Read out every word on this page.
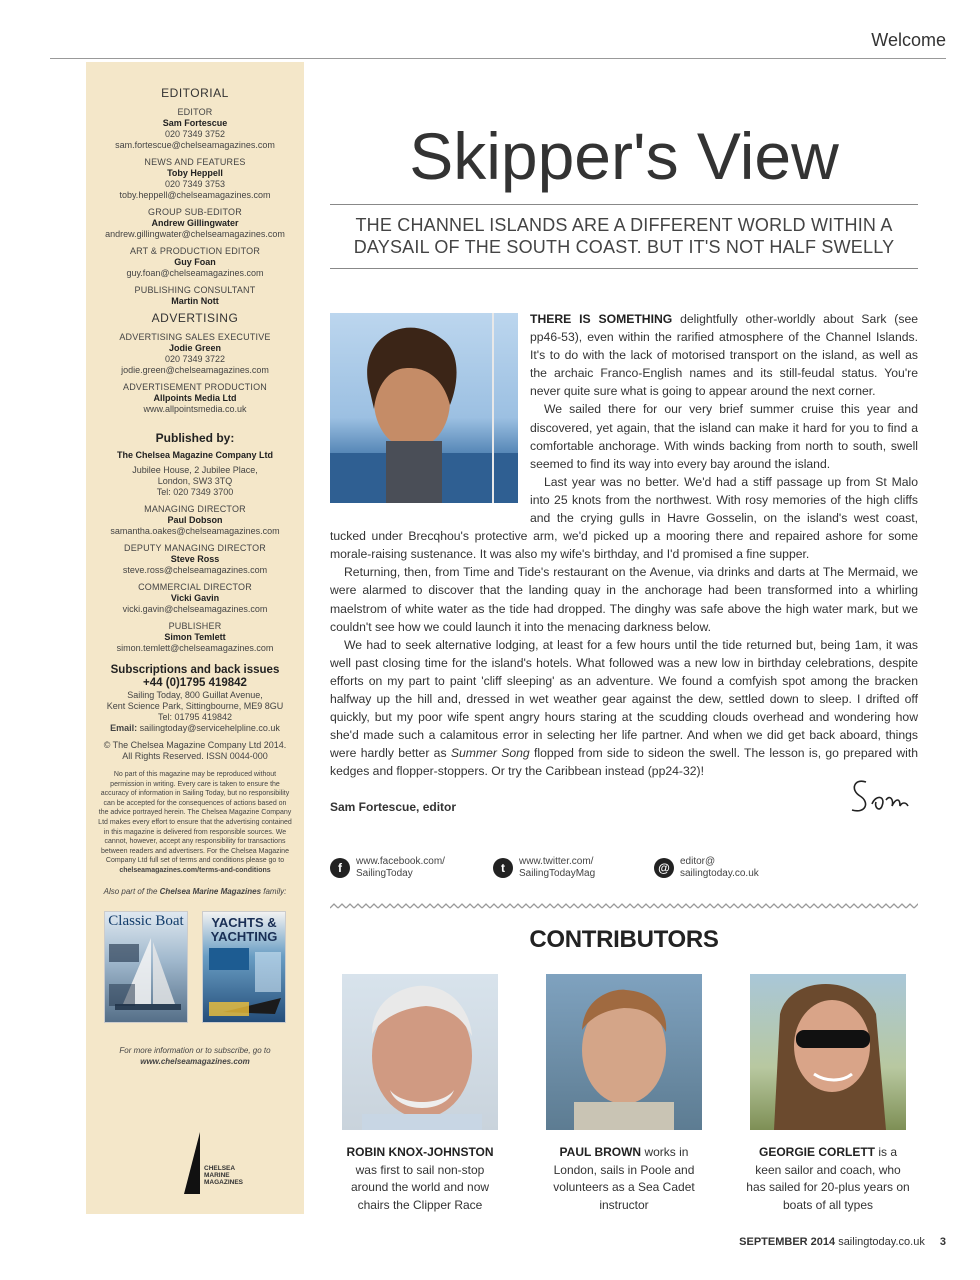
Welcome
EDITORIAL
EDITOR
Sam Fortescue
020 7349 3752
sam.fortescue@chelseamagazines.com
NEWS AND FEATURES
Toby Heppell
020 7349 3753
toby.heppell@chelseamagazines.com
GROUP SUB-EDITOR
Andrew Gillingwater
andrew.gillingwater@chelseamagazines.com
ART & PRODUCTION EDITOR
Guy Foan
guy.foan@chelseamagazines.com
PUBLISHING CONSULTANT
Martin Nott
ADVERTISING
ADVERTISING SALES EXECUTIVE
Jodie Green
020 7349 3722
jodie.green@chelseamagazines.com
ADVERTISEMENT PRODUCTION
Allpoints Media Ltd
www.allpointsmedia.co.uk
Published by:
The Chelsea Magazine Company Ltd
Jubilee House, 2 Jubilee Place,
London, SW3 3TQ
Tel: 020 7349 3700
MANAGING DIRECTOR
Paul Dobson
samantha.oakes@chelseamagazines.com
DEPUTY MANAGING DIRECTOR
Steve Ross
steve.ross@chelseamagazines.com
COMMERCIAL DIRECTOR
Vicki Gavin
vicki.gavin@chelseamagazines.com
PUBLISHER
Simon Temlett
simon.temlett@chelseamagazines.com
Subscriptions and back issues
+44 (0)1795 419842
Sailing Today, 800 Guillat Avenue,
Kent Science Park, Sittingbourne, ME9 8GU
Tel: 01795 419842
Email: sailingtoday@servicehelpline.co.uk
© The Chelsea Magazine Company Ltd 2014.
All Rights Reserved. ISSN 0044-000
No part of this magazine may be reproduced without permission in writing. Every care is taken to ensure the accuracy of information in Sailing Today, but no responsibility can be accepted for the consequences of actions based on the advice portrayed herein. The Chelsea Magazine Company Ltd makes every effort to ensure that the advertising contained in this magazine is delivered from responsible sources. We cannot, however, accept any responsibility for transactions between readers and advertisers. For the Chelsea Magazine Company Ltd full set of terms and conditions please go to chelseamagazines.com/terms-and-conditions
Also part of the Chelsea Marine Magazines family:
Classic Boat	YACHTS & YACHTING
For more information or to subscribe, go to
www.chelseamagazines.com
CHELSEA MARINE MAGAZINES
Skipper's View
THE CHANNEL ISLANDS ARE A DIFFERENT WORLD WITHIN A DAYSAIL OF THE SOUTH COAST. BUT IT'S NOT HALF SWELLY

THERE IS SOMETHING delightfully other-worldly about Sark (see pp46-53), even within the rarified atmosphere of the Channel Islands. It's to do with the lack of motorised transport on the island, as well as the archaic Franco-English names and its still-feudal status. You're never quite sure what is going to appear around the next corner.

We sailed there for our very brief summer cruise this year and discovered, yet again, that the island can make it hard for you to find a comfortable anchorage. With winds backing from north to south, swell seemed to find its way into every bay around the island.

Last year was no better. We'd had a stiff passage up from St Malo into 25 knots from the northwest. With rosy memories of the high cliffs and the crying gulls in Havre Gosselin, on the island's west coast, tucked under Brecqhou's protective arm, we'd picked up a mooring there and repaired ashore for some morale-raising sustenance. It was also my wife's birthday, and I'd promised a fine supper.

Returning, then, from Time and Tide's restaurant on the Avenue, via drinks and darts at The Mermaid, we were alarmed to discover that the landing quay in the anchorage had been transformed into a whirling maelstrom of white water as the tide had dropped. The dinghy was safe above the high water mark, but we couldn't see how we could launch it into the menacing darkness below.

We had to seek alternative lodging, at least for a few hours until the tide returned but, being 1am, it was well past closing time for the island's hotels. What followed was a new low in birthday celebrations, despite efforts on my part to paint 'cliff sleeping' as an adventure. We found a comfyish spot among the bracken halfway up the hill and, dressed in wet weather gear against the dew, settled down to sleep. I drifted off quickly, but my poor wife spent angry hours staring at the scudding clouds overhead and wondering how she'd made such a calamitous error in selecting her life partner. And when we did get back aboard, things were hardly better as Summer Song flopped from side to sideon the swell. The lesson is, go prepared with kedges and flopper-stoppers. Or try the Caribbean instead (pp24-32)!

Sam Fortescue, editor
f	www.facebook.com/
SailingToday	t	www.twitter.com/
SailingTodayMag	@	editor@
sailingtoday.co.uk
CONTRIBUTORS
ROBIN KNOX-JOHNSTON was first to sail non-stop around the world and now chairs the Clipper Race
PAUL BROWN works in London, sails in Poole and volunteers as a Sea Cadet instructor
GEORGIE CORLETT is a keen sailor and coach, who has sailed for 20-plus years on boats of all types
SEPTEMBER 2014 sailingtoday.co.uk 3
